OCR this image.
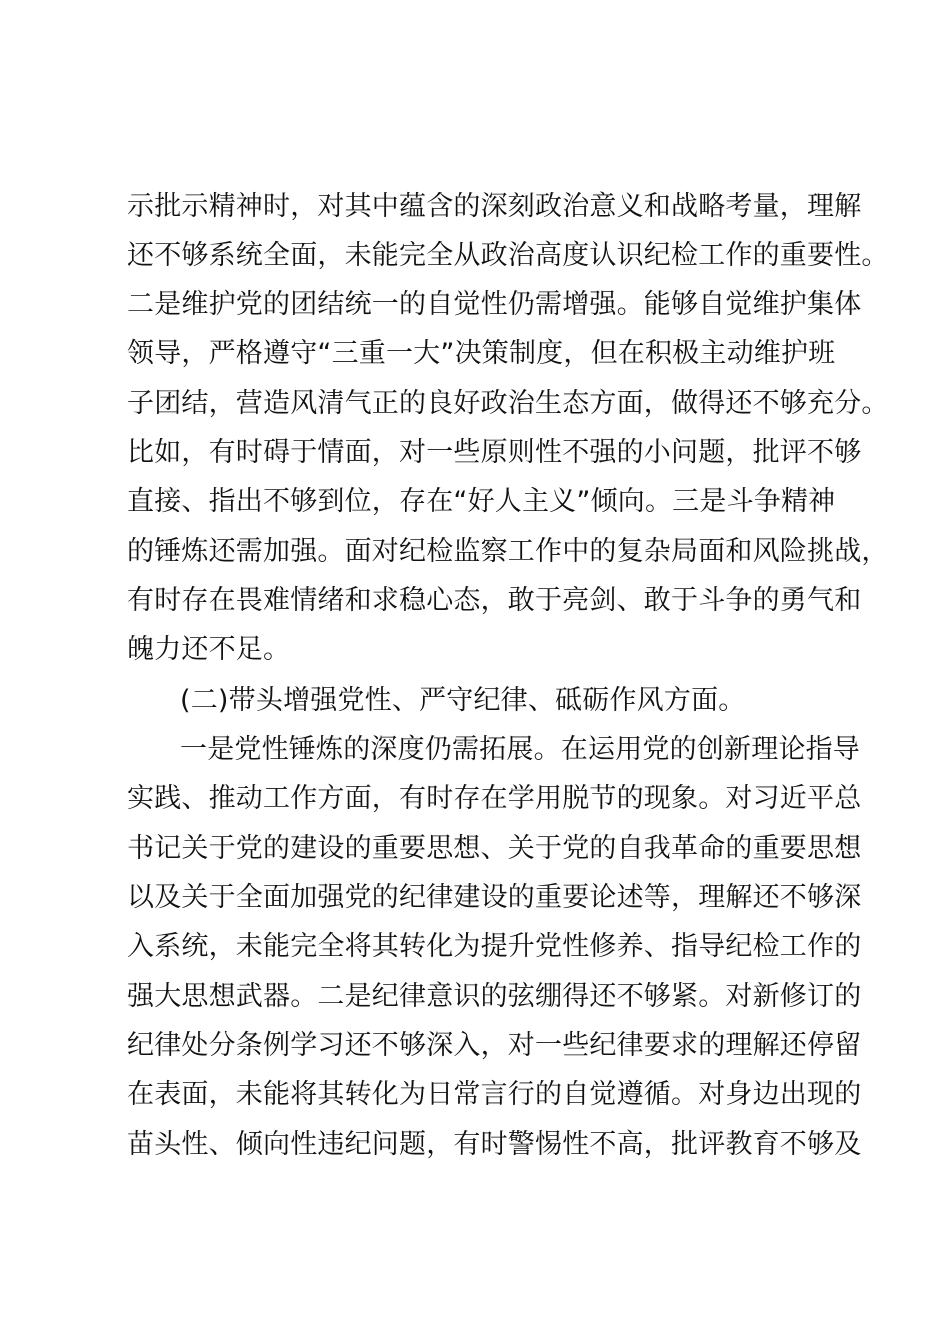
示批示精神时，对其中蕴含的深刻政治意义和战略考量，理解
还不够系统全面，未能完全从政治高度认识纪检工作的重要性。
二是维护党的团结统一的自觉性仍需增强。能够自觉维护集体
领导，严格遵守“三重一大”决策制度，但在积极主动维护班
子团结，营造风清气正的良好政治生态方面，做得还不够充分。
比如，有时碍于情面，对一些原则性不强的小问题，批评不够
直接、指出不够到位，存在“好人主义”倾向。三是斗争精神
的锤炼还需加强。面对纪检监察工作中的复杂局面和风险挑战，
有时存在畏难情绪和求稳心态，敢于亮剑、敢于斗争的勇气和
魄力还不足。
(二)带头增强党性、严守纪律、砥砺作风方面。
一是党性锤炼的深度仍需拓展。在运用党的创新理论指导
实践、推动工作方面，有时存在学用脱节的现象。对习近平总
书记关于党的建设的重要思想、关于党的自我革命的重要思想
以及关于全面加强党的纪律建设的重要论述等，理解还不够深
入系统，未能完全将其转化为提升党性修养、指导纪检工作的
强大思想武器。二是纪律意识的弦绷得还不够紧。对新修订的
纪律处分条例学习还不够深入，对一些纪律要求的理解还停留
在表面，未能将其转化为日常言行的自觉遵循。对身边出现的
苗头性、倾向性违纪问题，有时警惕性不高，批评教育不够及
